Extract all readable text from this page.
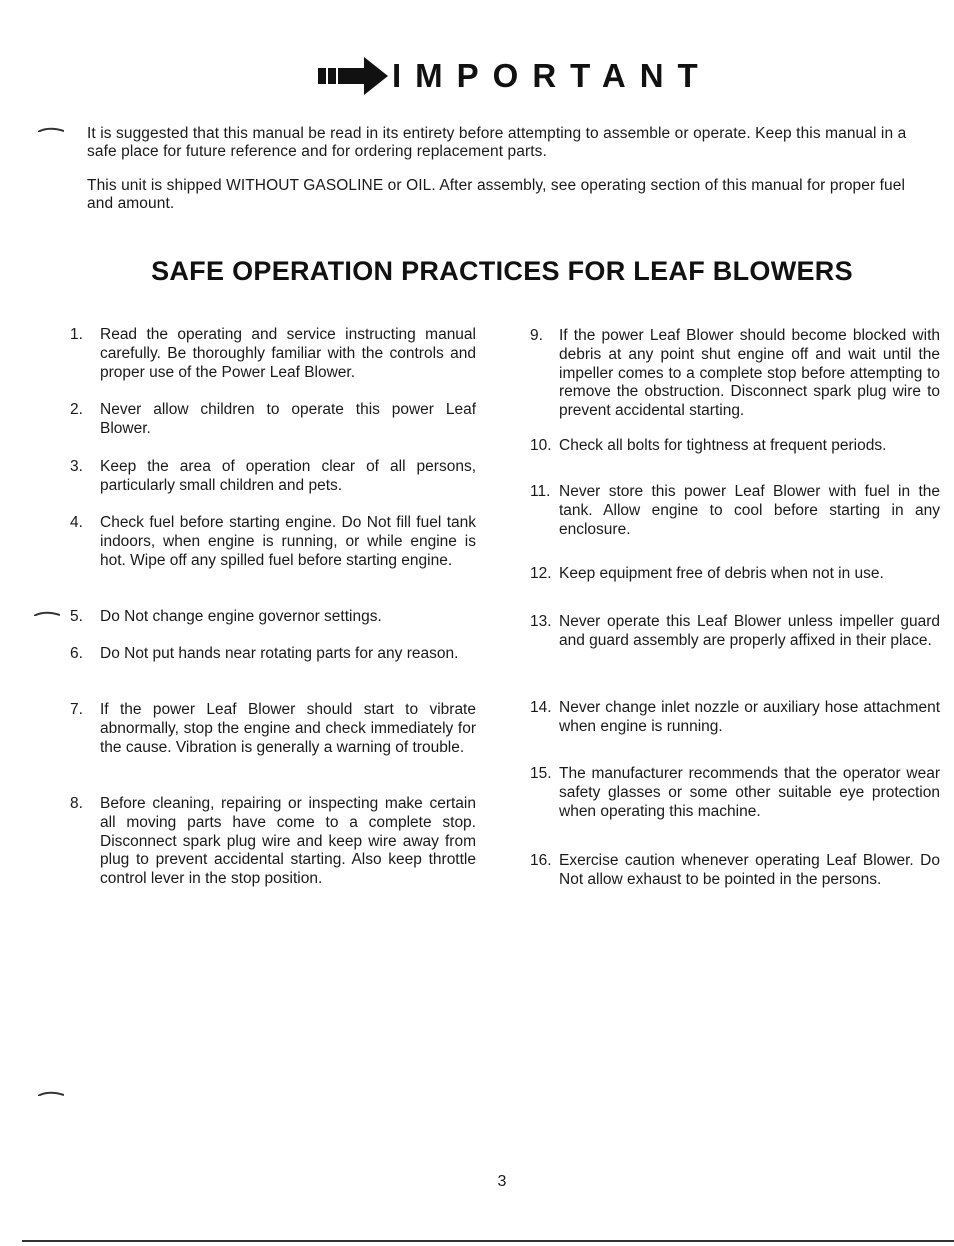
IMPORTANT

It is suggested that this manual be read in its entirety before attempting to assemble or operate. Keep this manual in a safe place for future reference and for ordering replacement parts.

This unit is shipped WITHOUT GASOLINE or OIL. After assembly, see operating section of this manual for proper fuel and amount.

SAFE OPERATION PRACTICES FOR LEAF BLOWERS
1.	Read the operating and service instructing manual carefully. Be thoroughly familiar with the controls and proper use of the Power Leaf Blower.
2.	Never allow children to operate this power Leaf Blower.
3.	Keep the area of operation clear of all persons, particularly small children and pets.
4.	Check fuel before starting engine. Do Not fill fuel tank indoors, when engine is running, or while engine is hot. Wipe off any spilled fuel before starting engine.
5.	Do Not change engine governor settings.
6.	Do Not put hands near rotating parts for any reason.
7.	If the power Leaf Blower should start to vibrate abnormally, stop the engine and check immediately for the cause. Vibration is generally a warning of trouble.
8.	Before cleaning, repairing or inspecting make certain all moving parts have come to a complete stop. Disconnect spark plug wire and keep wire away from plug to prevent accidental starting. Also keep throttle control lever in the stop position.
9.	If the power Leaf Blower should become blocked with debris at any point shut engine off and wait until the impeller comes to a complete stop before attempting to remove the obstruction. Disconnect spark plug wire to prevent accidental starting.
10. Check all bolts for tightness at frequent periods.
11. Never store this power Leaf Blower with fuel in the tank. Allow engine to cool before starting in any enclosure.
12. Keep equipment free of debris when not in use.
13. Never operate this Leaf Blower unless impeller guard and guard assembly are properly affixed in their place.
14. Never change inlet nozzle or auxiliary hose attachment when engine is running.
15. The manufacturer recommends that the operator wear safety glasses or some other suitable eye protection when operating this machine.
16. Exercise caution whenever operating Leaf Blower. Do Not allow exhaust to be pointed in the persons.
3
